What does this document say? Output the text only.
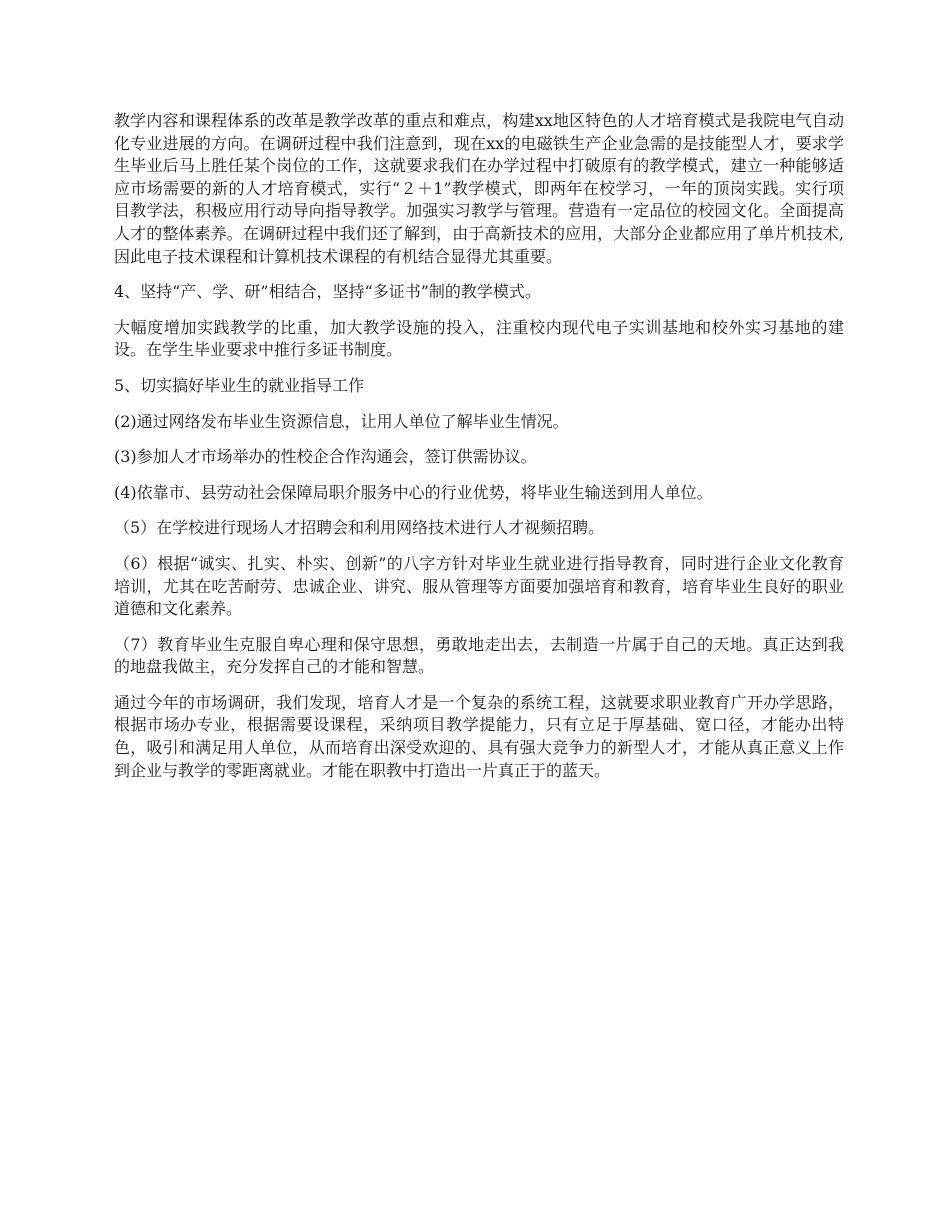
教学内容和课程体系的改革是教学改革的重点和难点，构建xx地区特色的人才培育模式是我院电气自动化专业进展的方向。在调研过程中我们注意到，现在xx的电磁铁生产企业急需的是技能型人才，要求学生毕业后马上胜任某个岗位的工作，这就要求我们在办学过程中打破原有的教学模式，建立一种能够适应市场需要的新的人才培育模式，实行“２＋1”教学模式，即两年在校学习，一年的顶岗实践。实行项目教学法，积极应用行动导向指导教学。加强实习教学与管理。营造有一定品位的校园文化。全面提高人才的整体素养。在调研过程中我们还了解到，由于高新技术的应用，大部分企业都应用了单片机技术,因此电子技术课程和计算机技术课程的有机结合显得尤其重要。

4、坚持“产、学、研”相结合，坚持“多证书”制的教学模式。

大幅度增加实践教学的比重，加大教学设施的投入，注重校内现代电子实训基地和校外实习基地的建设。在学生毕业要求中推行多证书制度。

5、切实搞好毕业生的就业指导工作

(2)通过网络发布毕业生资源信息，让用人单位了解毕业生情况。

(3)参加人才市场举办的性校企合作沟通会，签订供需协议。

(4)依靠市、县劳动社会保障局职介服务中心的行业优势，将毕业生输送到用人单位。

（5）在学校进行现场人才招聘会和利用网络技术进行人才视频招聘。

（6）根据“诚实、扎实、朴实、创新”的八字方针对毕业生就业进行指导教育，同时进行企业文化教育培训，尤其在吃苦耐劳、忠诚企业、讲究、服从管理等方面要加强培育和教育，培育毕业生良好的职业道德和文化素养。

（7）教育毕业生克服自卑心理和保守思想，勇敢地走出去，去制造一片属于自己的天地。真正达到我的地盘我做主，充分发挥自己的才能和智慧。

通过今年的市场调研，我们发现，培育人才是一个复杂的系统工程，这就要求职业教育广开办学思路，根据市场办专业，根据需要设课程，采纳项目教学提能力，只有立足于厚基础、宽口径，才能办出特色，吸引和满足用人单位，从而培育出深受欢迎的、具有强大竞争力的新型人才，才能从真正意义上作到企业与教学的零距离就业。才能在职教中打造出一片真正于的蓝天。
